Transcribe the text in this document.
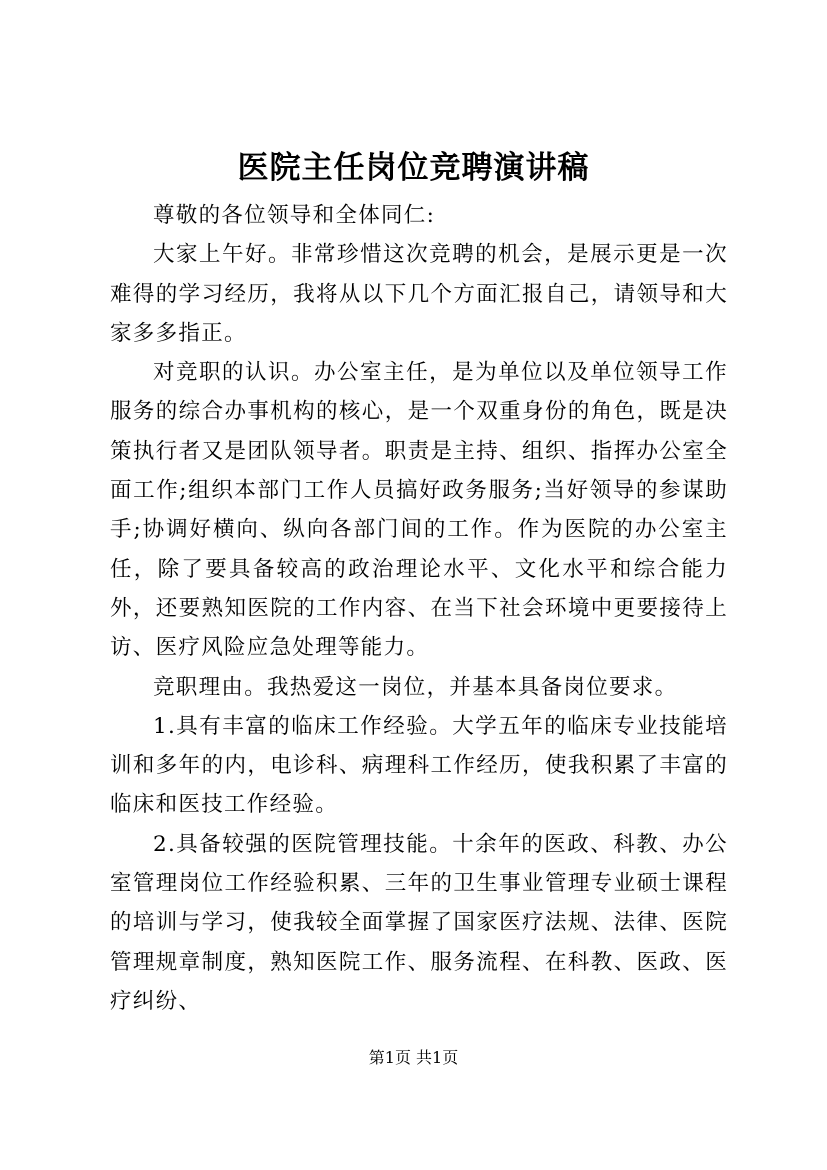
医院主任岗位竞聘演讲稿

尊敬的各位领导和全体同仁:

大家上午好。非常珍惜这次竞聘的机会，是展示更是一次难得的学习经历，我将从以下几个方面汇报自己，请领导和大家多多指正。

对竞职的认识。办公室主任，是为单位以及单位领导工作服务的综合办事机构的核心，是一个双重身份的角色，既是决策执行者又是团队领导者。职责是主持、组织、指挥办公室全面工作;组织本部门工作人员搞好政务服务;当好领导的参谋助手;协调好横向、纵向各部门间的工作。作为医院的办公室主任，除了要具备较高的政治理论水平、文化水平和综合能力外，还要熟知医院的工作内容、在当下社会环境中更要接待上访、医疗风险应急处理等能力。

竞职理由。我热爱这一岗位，并基本具备岗位要求。

1.具有丰富的临床工作经验。大学五年的临床专业技能培训和多年的内，电诊科、病理科工作经历，使我积累了丰富的临床和医技工作经验。

2.具备较强的医院管理技能。十余年的医政、科教、办公室管理岗位工作经验积累、三年的卫生事业管理专业硕士课程的培训与学习，使我较全面掌握了国家医疗法规、法律、医院管理规章制度，熟知医院工作、服务流程、在科教、医政、医疗纠纷、

第1页 共1页
